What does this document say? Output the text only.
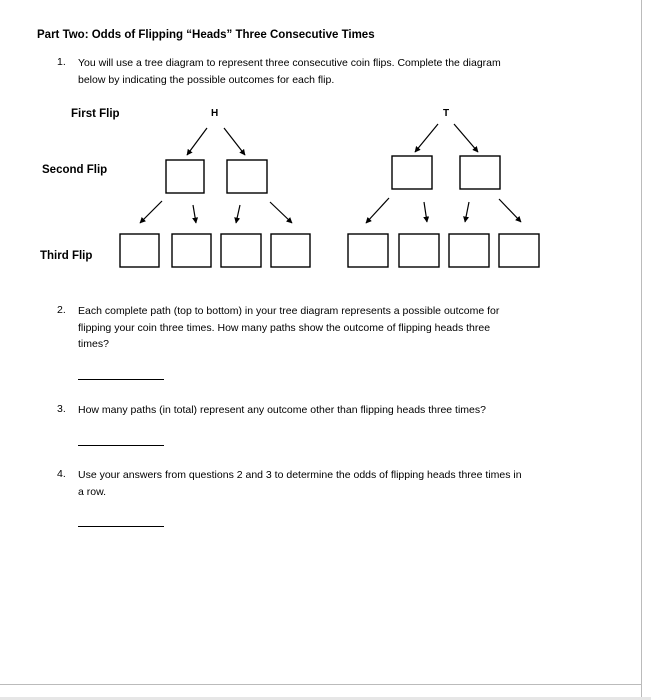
Part Two: Odds of Flipping “Heads” Three Consecutive Times
1. You will use a tree diagram to represent three consecutive coin flips. Complete the diagram
below by indicating the possible outcomes for each flip.
First Flip
Second Flip
Third Flip
H	T
2. Each complete path (top to bottom) in your tree diagram represents a possible outcome for
flipping your coin three times. How many paths show the outcome of flipping heads three
times?
3. How many paths (in total) represent any outcome other than flipping heads three times?
4. Use your answers from questions 2 and 3 to determine the odds of flipping heads three times in
a row.
